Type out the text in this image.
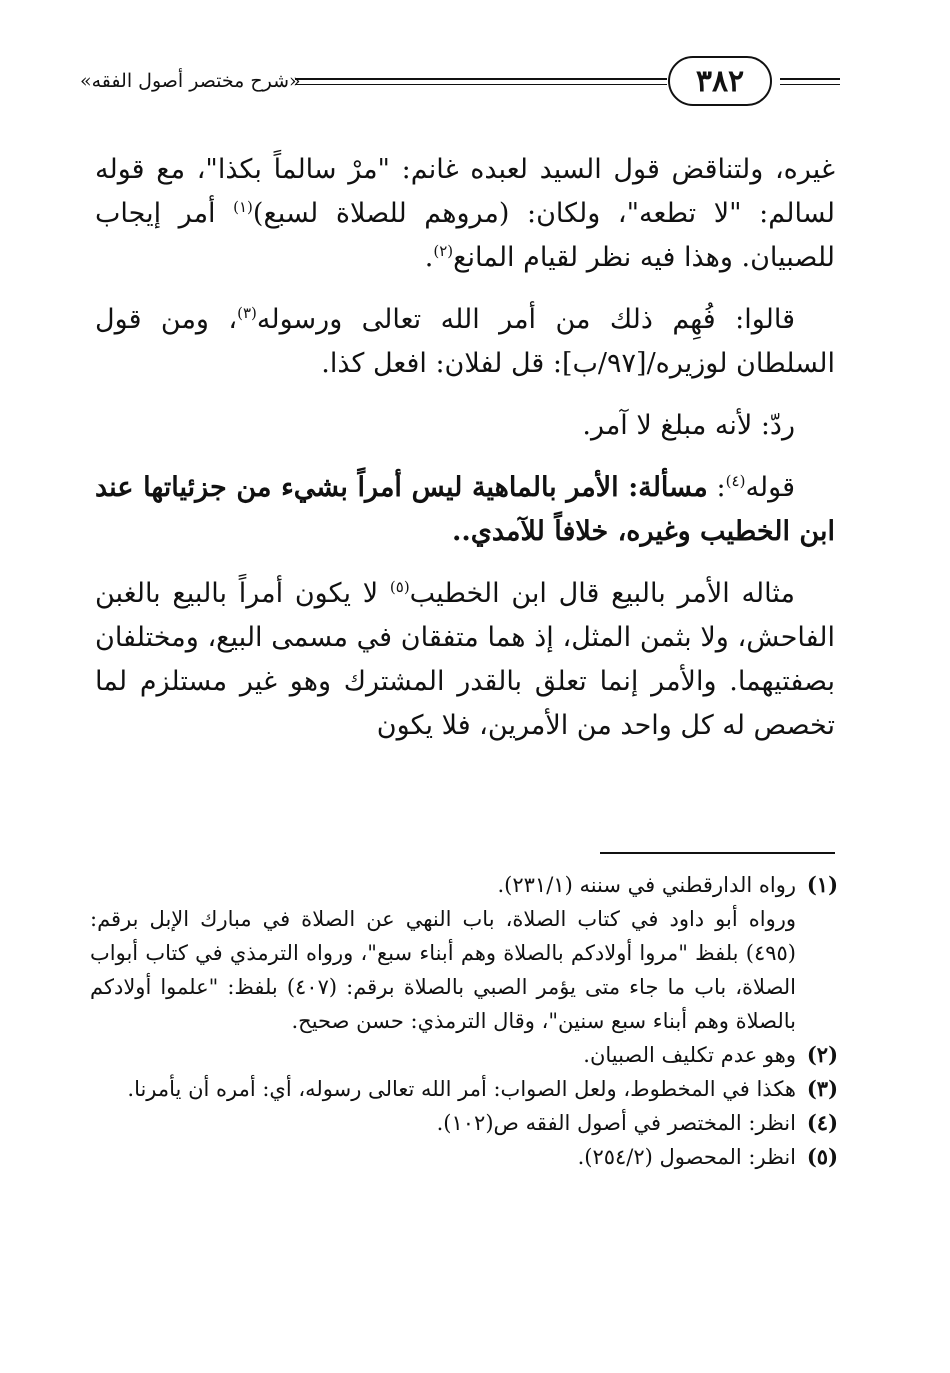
٣٨٢
«شرح مختصر أصول الفقه»

غيره، ولتناقض قول السيد لعبده غانم: "مرْ سالماً بكذا"، مع قوله لسالم: "لا تطعه"، ولكان: (مروهم للصلاة لسبع)$^{(١)}$ أمر إيجاب للصبيان. وهذا فيه نظر لقيام المانع$^{(٢)}$.

قالوا: فُهِم ذلك من أمر الله تعالى ورسوله$^{(٣)}$، ومن قول السلطان لوزيره/[٩٧/ب]: قل لفلان: افعل كذا.

ردّ: لأنه مبلغ لا آمر.

قوله$^{(٤)}$: مسألة: الأمر بالماهية ليس أمراً بشيء من جزئياتها عند ابن الخطيب وغيره، خلافاً للآمدي..

مثاله الأمر بالبيع قال ابن الخطيب$^{(٥)}$ لا يكون أمراً بالبيع بالغبن الفاحش، ولا بثمن المثل، إذ هما متفقان في مسمى البيع، ومختلفان بصفتيهما. والأمر إنما تعلق بالقدر المشترك وهو غير مستلزم لما تخصص له كل واحد من الأمرين، فلا يكون

(١)
رواه الدارقطني في سننه (٢٣١/١).
ورواه أبو داود في كتاب الصلاة، باب النهي عن الصلاة في مبارك الإبل برقم: (٤٩٥) بلفظ "مروا أولادكم بالصلاة وهم أبناء سبع"، ورواه الترمذي في كتاب أبواب الصلاة، باب ما جاء متى يؤمر الصبي بالصلاة برقم: (٤٠٧) بلفظ: "علموا أولادكم بالصلاة وهم أبناء سبع سنين"، وقال الترمذي: حسن صحيح.
(٢)
وهو عدم تكليف الصبيان.
(٣)
هكذا في المخطوط، ولعل الصواب: أمر الله تعالى رسوله، أي: أمره أن يأمرنا.
(٤)
انظر: المختصر في أصول الفقه ص(١٠٢).
(٥)
انظر: المحصول (٢٥٤/٢).
